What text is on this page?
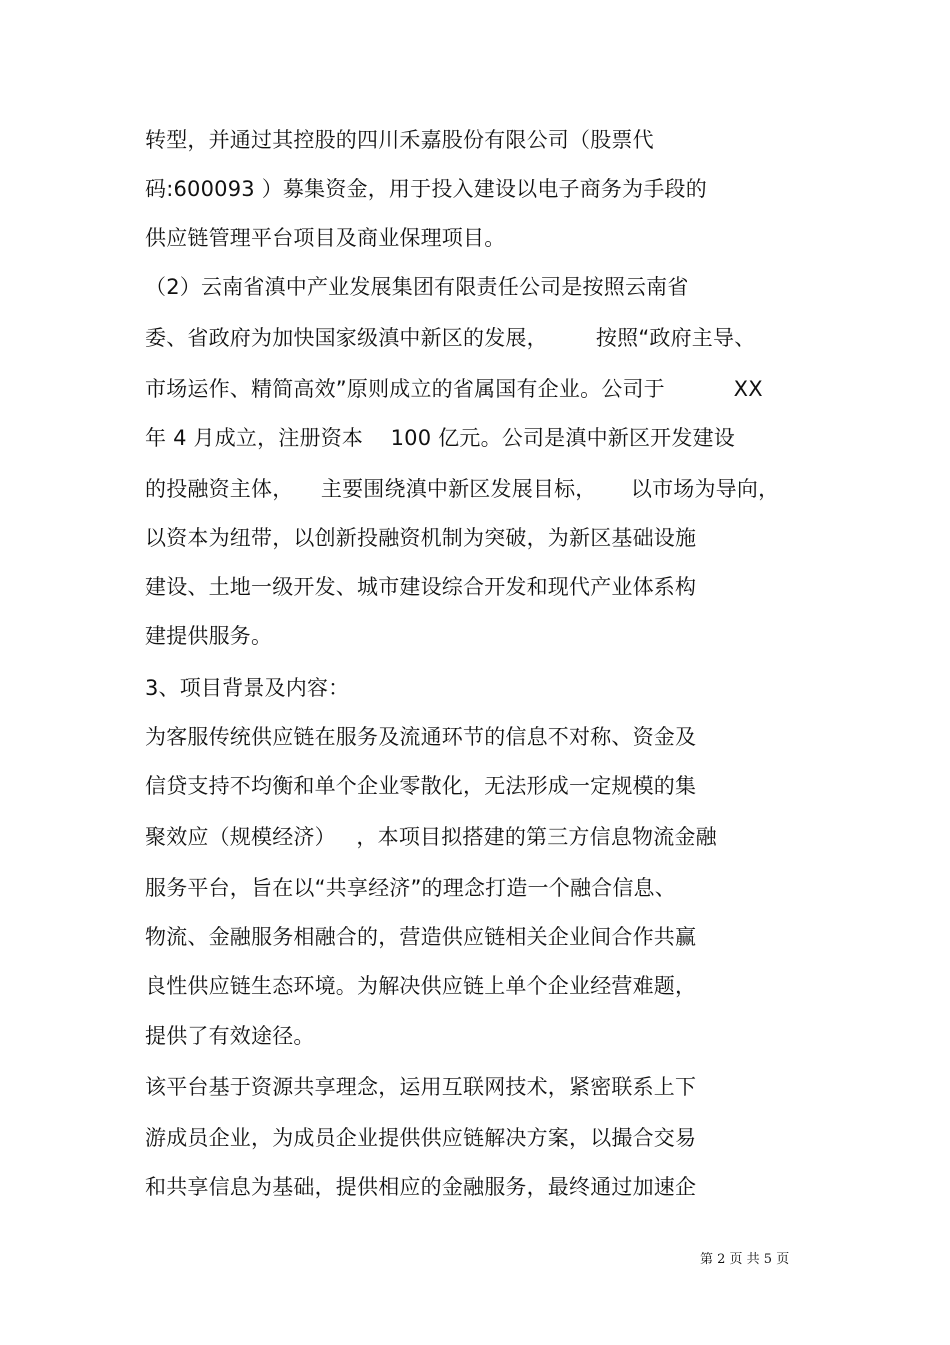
转型，并通过其控股的四川禾嘉股份有限公司（股票代
码:600093 ）募集资金，用于投入建设以电子商务为手段的
供应链管理平台项目及商业保理项目。
（2）云南省滇中产业发展集团有限责任公司是按照云南省
委、省政府为加快国家级滇中新区的发展，       按照“政府主导、
市场运作、精简高效”原则成立的省属国有企业。公司于          XX
年 4 月成立，注册资本    100 亿元。公司是滇中新区开发建设
的投融资主体，    主要围绕滇中新区发展目标，     以市场为导向，
以资本为纽带，以创新投融资机制为突破，为新区基础设施
建设、土地一级开发、城市建设综合开发和现代产业体系构
建提供服务。
3、项目背景及内容：
为客服传统供应链在服务及流通环节的信息不对称、资金及
信贷支持不均衡和单个企业零散化，无法形成一定规模的集
聚效应（规模经济）   ，本项目拟搭建的第三方信息物流金融
服务平台，旨在以“共享经济”的理念打造一个融合信息、
物流、金融服务相融合的，营造供应链相关企业间合作共赢
良性供应链生态环境。为解决供应链上单个企业经营难题，
提供了有效途径。
该平台基于资源共享理念，运用互联网技术，紧密联系上下
游成员企业，为成员企业提供供应链解决方案，以撮合交易
和共享信息为基础，提供相应的金融服务，最终通过加速企
第 2 页 共 5 页
